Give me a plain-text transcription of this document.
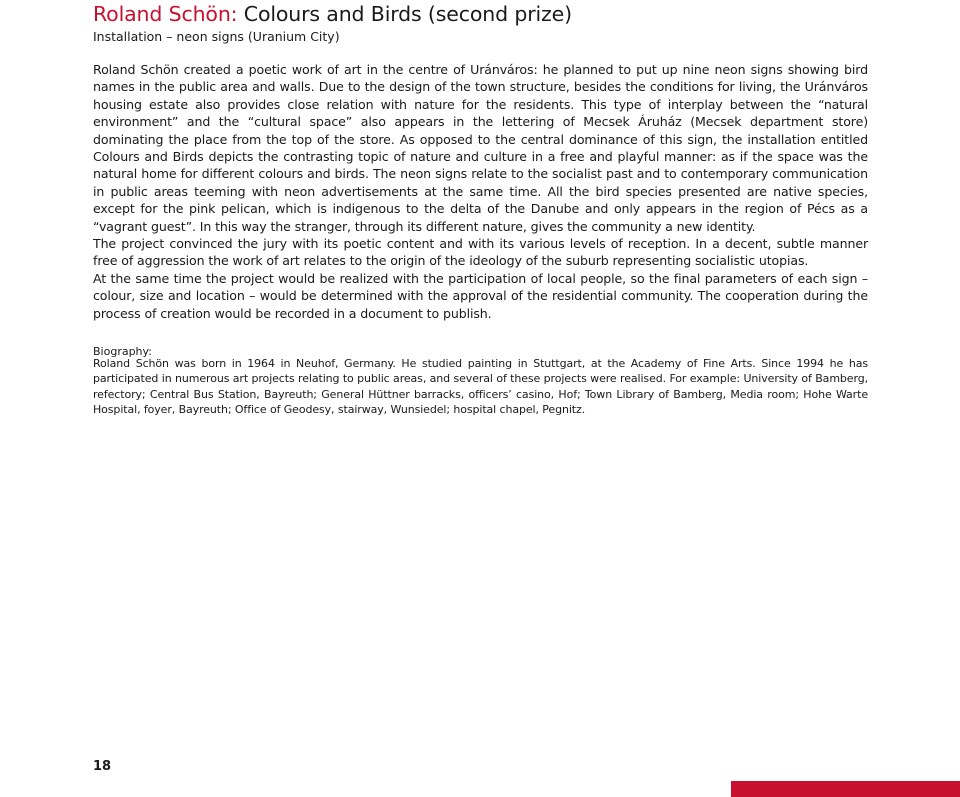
Roland Schön: Colours and Birds (second prize)
Installation – neon signs (Uranium City)

Roland Schön created a poetic work of art in the centre of Uránváros: he planned to put up nine neon signs showing bird names in the public area and walls. Due to the design of the town structure, besides the conditions for living, the Uránváros housing estate also provides close relation with nature for the residents. This type of interplay between the “natural environment” and the “cultural space” also appears in the lettering of Mecsek Áruház (Mecsek department store) dominating the place from the top of the store. As opposed to the central dominance of this sign, the installation entitled Colours and Birds depicts the contrasting topic of nature and culture in a free and playful manner: as if the space was the natural home for different colours and birds. The neon signs relate to the socialist past and to contemporary communication in public areas teeming with neon advertisements at the same time. All the bird species presented are native species, except for the pink pelican, which is indigenous to the delta of the Danube and only appears in the region of Pécs as a “vagrant guest”. In this way the stranger, through its different nature, gives the community a new identity.

The project convinced the jury with its poetic content and with its various levels of reception. In a decent, subtle manner free of aggression the work of art relates to the origin of the ideology of the suburb representing socialistic utopias.

At the same time the project would be realized with the participation of local people, so the final parameters of each sign – colour, size and location – would be determined with the approval of the residential community. The cooperation during the process of creation would be recorded in a document to publish.

Biography:
Roland Schön was born in 1964 in Neuhof, Germany. He studied painting in Stuttgart, at the Academy of Fine Arts. Since 1994 he has participated in numerous art projects relating to public areas, and several of these projects were realised. For example: University of Bamberg, refectory; Central Bus Station, Bayreuth; General Hüttner barracks, officers’ casino, Hof; Town Library of Bamberg, Media room; Hohe Warte Hospital, foyer, Bayreuth; Office of Geodesy, stairway, Wunsiedel; hospital chapel, Pegnitz.
18
